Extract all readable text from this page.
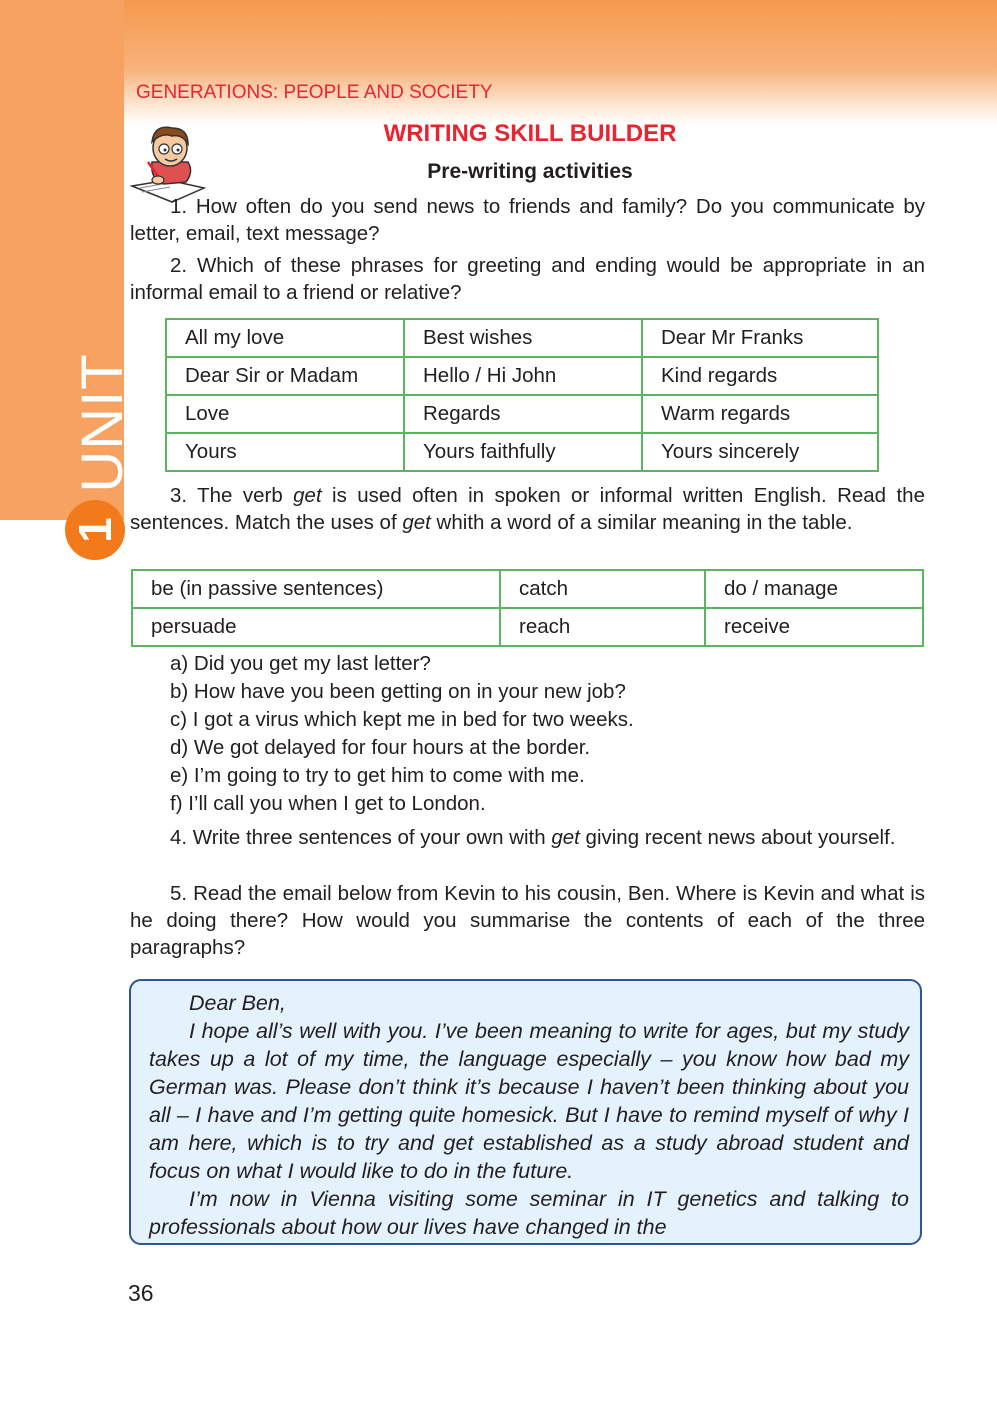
UNIT
1
GENERATIONS: PEOPLE AND SOCIETY
WRITING SKILL BUILDER
Pre-writing activities
1. How often do you send news to friends and family? Do you communicate by letter, email, text message?
2. Which of these phrases for greeting and ending would be appropriate in an informal email to a friend or relative?
All my love	Best wishes	Dear Mr Franks
Dear Sir or Madam	Hello / Hi John	Kind regards
Love	Regards	Warm regards
Yours	Yours faithfully	Yours sincerely
3. The verb get is used often in spoken or informal written English. Read the sentences. Match the uses of get whith a word of a similar meaning in the table.
be (in passive sentences)	catch	do / manage
persuade	reach	receive
a) Did you get my last letter?
b) How have you been getting on in your new job?
c) I got a virus which kept me in bed for two weeks.
d) We got delayed for four hours at the border.
e) I’m going to try to get him to come with me.
f) I’ll call you when I get to London.
4. Write three sentences of your own with get giving recent news about yourself.
5. Read the email below from Kevin to his cousin, Ben. Where is Kevin and what is he doing there? How would you summarise the contents of each of the three paragraphs?

Dear Ben,

I hope all’s well with you. I’ve been meaning to write for ages, but my study takes up a lot of my time, the language especially – you know how bad my German was. Please don’t think it’s because I haven’t been thinking about you all – I have and I’m getting quite homesick. But I have to remind myself of why I am here, which is to try and get established as a study abroad student and focus on what I would like to do in the future.

I’m now in Vienna visiting some seminar in IT genetics and talking to professionals about how our lives have changed in the

36
